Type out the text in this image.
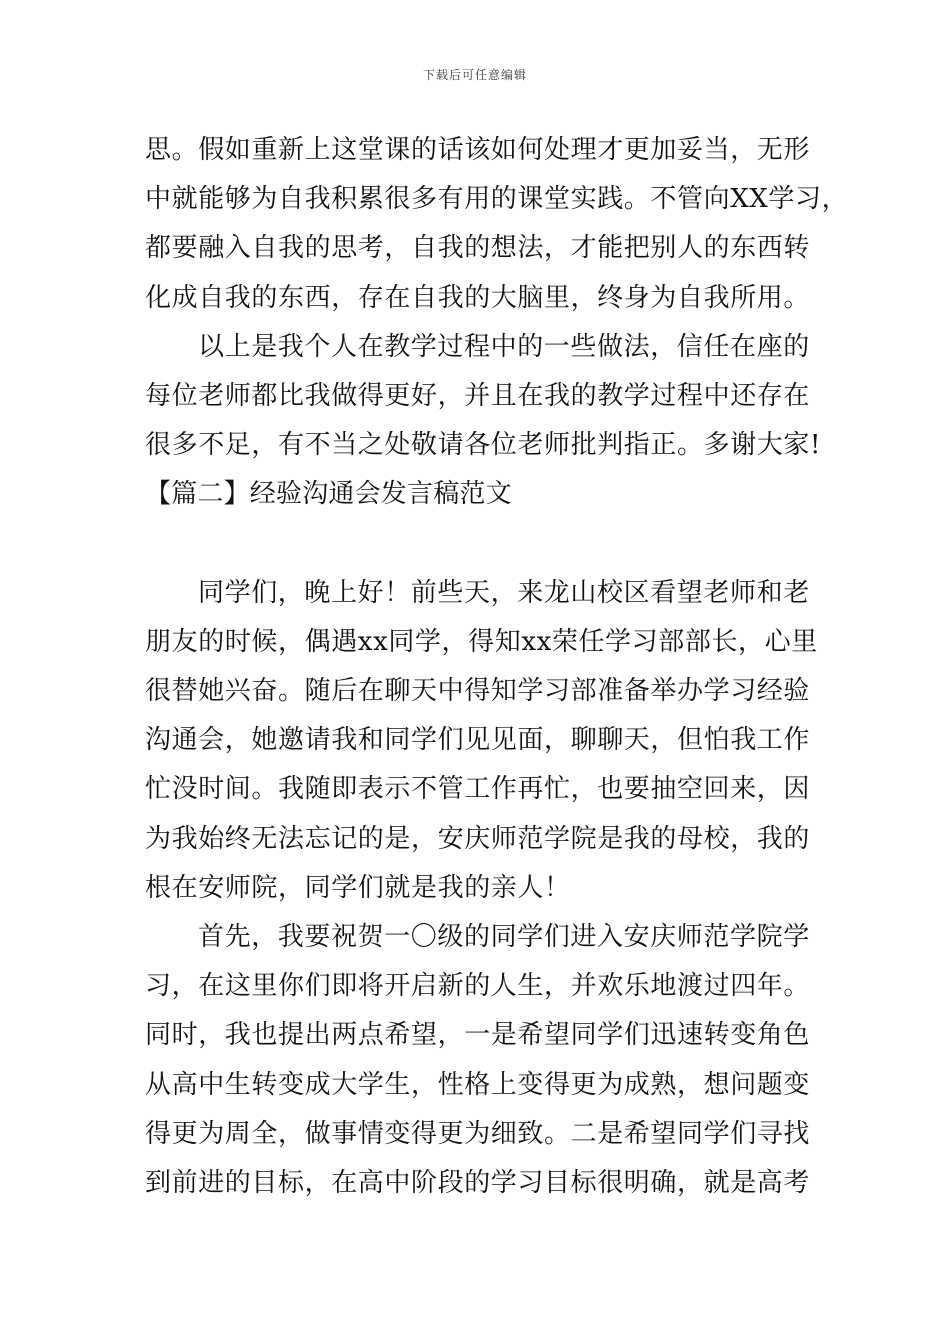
下载后可任意编辑
思。假如重新上这堂课的话该如何处理才更加妥当，无形
中就能够为自我积累很多有用的课堂实践。不管向XX学习，
都要融入自我的思考，自我的想法，才能把别人的东西转
化成自我的东西，存在自我的大脑里，终身为自我所用。
以上是我个人在教学过程中的一些做法，信任在座的
每位老师都比我做得更好，并且在我的教学过程中还存在
很多不足，有不当之处敬请各位老师批判指正。多谢大家!
【篇二】经验沟通会发言稿范文
同学们，晚上好！前些天，来龙山校区看望老师和老
朋友的时候，偶遇xx同学，得知xx荣任学习部部长，心里
很替她兴奋。随后在聊天中得知学习部准备举办学习经验
沟通会，她邀请我和同学们见见面，聊聊天，但怕我工作
忙没时间。我随即表示不管工作再忙，也要抽空回来，因
为我始终无法忘记的是，安庆师范学院是我的母校，我的
根在安师院，同学们就是我的亲人！
首先，我要祝贺一〇级的同学们进入安庆师范学院学
习，在这里你们即将开启新的人生，并欢乐地渡过四年。
同时，我也提出两点希望，一是希望同学们迅速转变角色
从高中生转变成大学生，性格上变得更为成熟，想问题变
得更为周全，做事情变得更为细致。二是希望同学们寻找
到前进的目标，在高中阶段的学习目标很明确，就是高考
